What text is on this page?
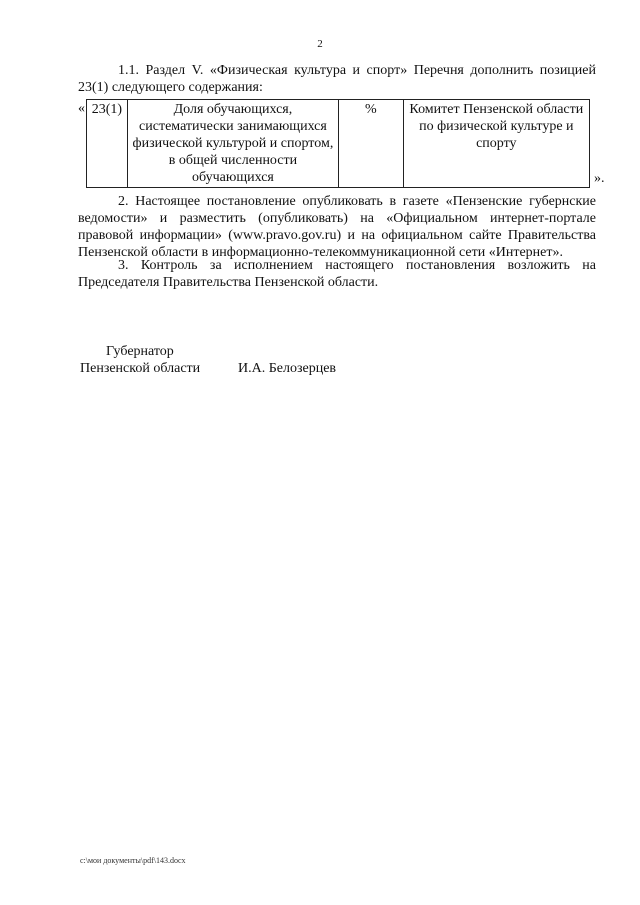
2

1.1. Раздел V. «Физическая культура и спорт» Перечня дополнить позицией 23(1) следующего содержания:

« 23(1)	Доля обучающихся, систематически занимающихся физической культурой и спортом, в общей численности обучающихся	%	Комитет Пензенской области по физической культуре и спорту
».

2. Настоящее постановление опубликовать в газете «Пензенские губернские ведомости» и разместить (опубликовать) на «Официальном интернет-портале правовой информации» (www.pravo.gov.ru) и на официальном сайте Правительства Пензенской области в информационно-телекоммуникационной сети «Интернет».

3. Контроль за исполнением настоящего постановления возложить на Председателя Правительства Пензенской области.

Губернатор
Пензенской области	И.А. Белозерцев
c:\мои документы\pdf\143.docx
